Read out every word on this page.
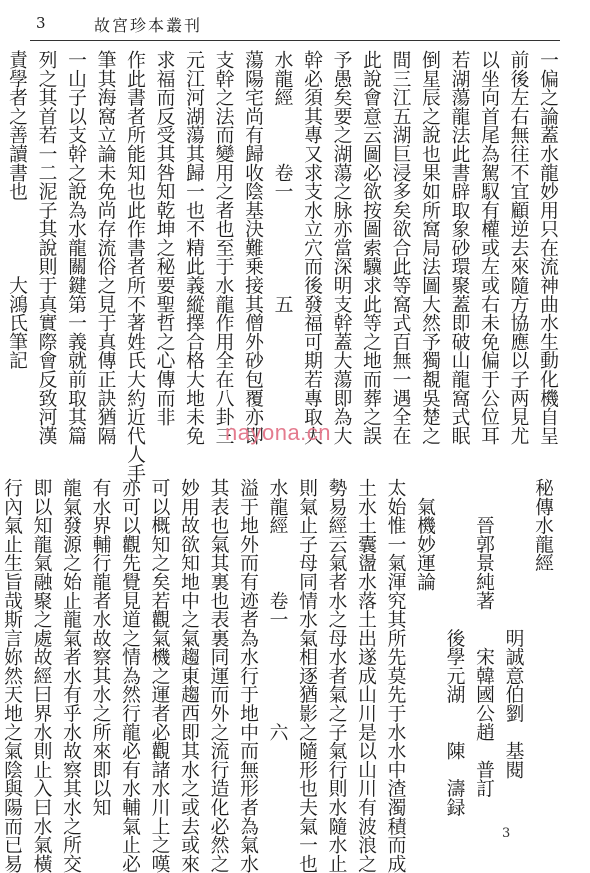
3	故宮珍本叢刊
一偏之論蓋水龍妙用只在流神曲水生動化機自呈
前後左右無往不宜顧逆去來隨方協應以子两見尤
以坐向首尾為駕馭有權或左或右未免偏于公位耳
若湖蕩龍法此書辟取象砂環聚蓋即破山龍窩式眠
倒星辰之說也果如所窩局法圖大然予獨覩吳楚之
間三江五湖巨浸多矣欲合此等窩式百無一遇全在
此說會意云圖必欲按圖索驥求此等之地而葬之誤
予愚矣要之湖蕩之脉亦當深明支幹蓋大蕩即為大
幹必須其專又求支水立穴而後發福可期若專取大
水龍經　　　卷一　　　　　五
蕩陽宅尚有歸收陰基決難乗接其僧外砂包覆亦即
支幹之法而變用之者也至于水龍作用全在八卦三
元江河湖蕩其歸一也不精此義縱擇合格大地未免
求福而反受其咎知乾坤之秘要聖哲之心傳而非
作此書者所能知也此作書者所不著姓氏大約近代人手
筆其海窩立論未免尚存流俗之見于真傳正訣猶隔
一山子以支幹之說為水龍關鍵第一義就前取其篇
列之其首若一二泥子其說則于真實際會反致河漢
責學者之善讀書也　　　　大鴻氏筆記
nayona.cn
秘傳水龍經
　　　　　　　　明誠意伯劉　基閱
　　晉郭景純著　　宋韓國公趙　普訂
　　　　　　　　後學元湖　　陳　濤録
　氣機妙運論
太始惟一氣渾究其所先莫先于水水中渣濁積而成
土水土囊盪水落土出遂成山川是以山川有波浪之
勢易經云氣者水之母水者氣之子氣行則水隨水止
則氣止子母同情水氣相逐猶影之隨形也夫氣一也
水龍經　　　卷一　　　　　六
溢于地外而有迹者為水行于地中而無形者為氣水
其表也氣其裏也表裏同運而外之流行造化必然之
妙用故欲知地中之氣趨東趨西即其水之或去或來
可以概知之矣若觀氣機之運者必觀諸水川上之嘆
亦可以觀先覺見道之情為然行龍必有水輔氣止必
有水界輔行龍者水故察其水之所來即以知
龍氣發源之始止龍氣者水有乎水故察其水之所交
即以知龍氣融聚之處故經曰界水則止入曰水氣橫
行內氣止生旨哉斯言妳然天地之氣陰與陽而已易	3
